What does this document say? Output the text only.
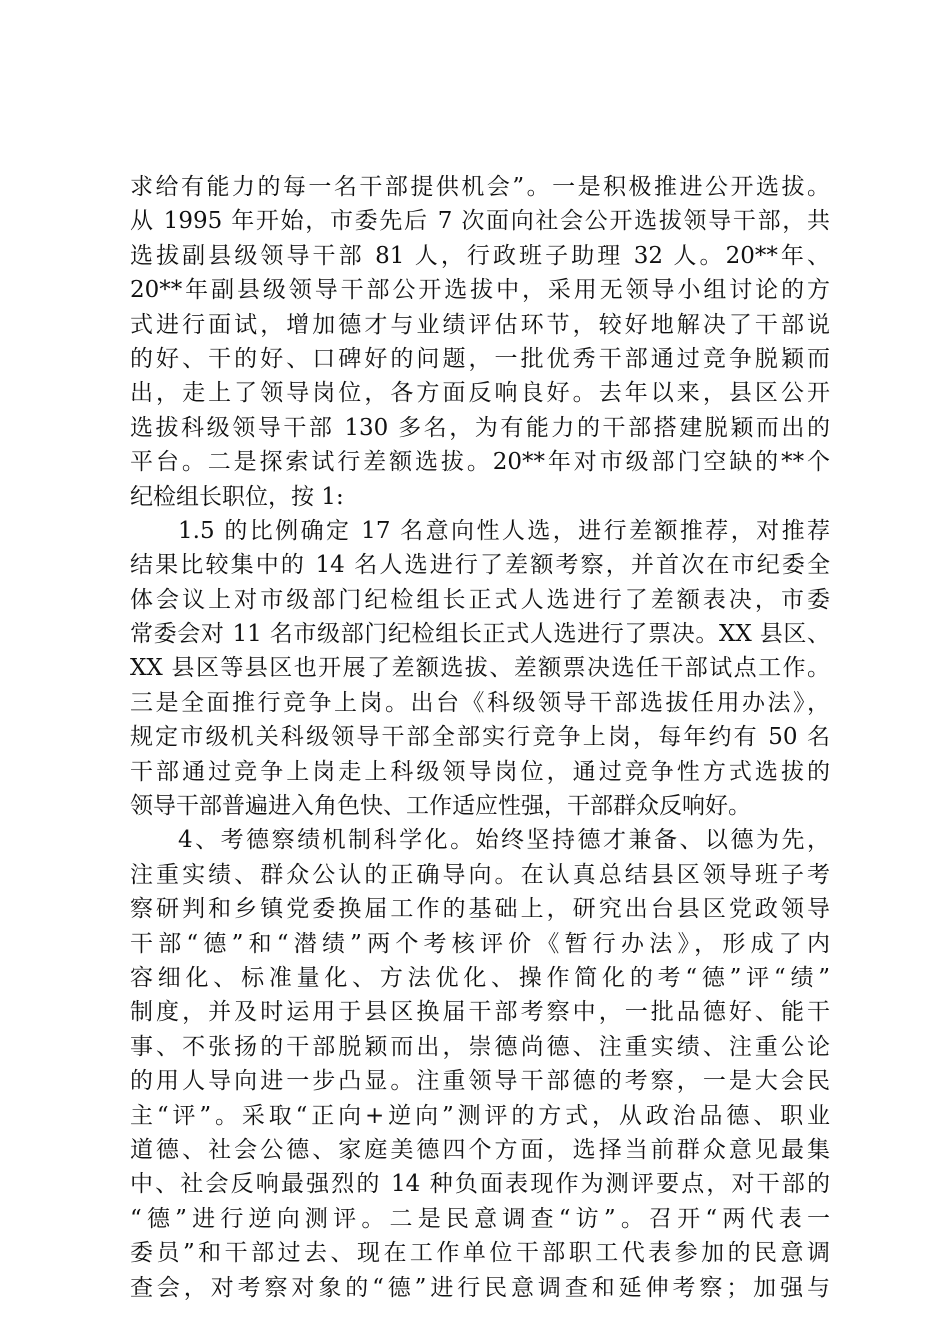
求给有能力的每一名干部提供机会”。一是积极推进公开选拔。
从 1995 年开始，市委先后 7 次面向社会公开选拔领导干部，共
选拔副县级领导干部 81 人，行政班子助理 32 人。20**年、
20**年副县级领导干部公开选拔中，采用无领导小组讨论的方
式进行面试，增加德才与业绩评估环节，较好地解决了干部说
的好、干的好、口碑好的问题，一批优秀干部通过竞争脱颖而
出，走上了领导岗位，各方面反响良好。去年以来，县区公开
选拔科级领导干部 130 多名，为有能力的干部搭建脱颖而出的
平台。二是探索试行差额选拔。20**年对市级部门空缺的**个
纪检组长职位，按 1:
1.5 的比例确定 17 名意向性人选，进行差额推荐，对推荐
结果比较集中的 14 名人选进行了差额考察，并首次在市纪委全
体会议上对市级部门纪检组长正式人选进行了差额表决，市委
常委会对 11 名市级部门纪检组长正式人选进行了票决。XX 县区、
XX 县区等县区也开展了差额选拔、差额票决选任干部试点工作。
三是全面推行竞争上岗。出台《科级领导干部选拔任用办法》，
规定市级机关科级领导干部全部实行竞争上岗，每年约有 50 名
干部通过竞争上岗走上科级领导岗位，通过竞争性方式选拔的
领导干部普遍进入角色快、工作适应性强，干部群众反响好。
4、考德察绩机制科学化。始终坚持德才兼备、以德为先，
注重实绩、群众公认的正确导向。在认真总结县区领导班子考
察研判和乡镇党委换届工作的基础上，研究出台县区党政领导
干部“德”和“潜绩”两个考核评价《暂行办法》，形成了内
容细化、标准量化、方法优化、操作简化的考“德”评“绩”
制度，并及时运用于县区换届干部考察中，一批品德好、能干
事、不张扬的干部脱颖而出，崇德尚德、注重实绩、注重公论
的用人导向进一步凸显。注重领导干部德的考察，一是大会民
主“评”。采取“正向+逆向”测评的方式，从政治品德、职业
道德、社会公德、家庭美德四个方面，选择当前群众意见最集
中、社会反响最强烈的 14 种负面表现作为测评要点，对干部的
“德”进行逆向测评。二是民意调查“访”。召开“两代表一
委员”和干部过去、现在工作单位干部职工代表参加的民意调
查会，对考察对象的“德”进行民意调查和延伸考察；加强与
